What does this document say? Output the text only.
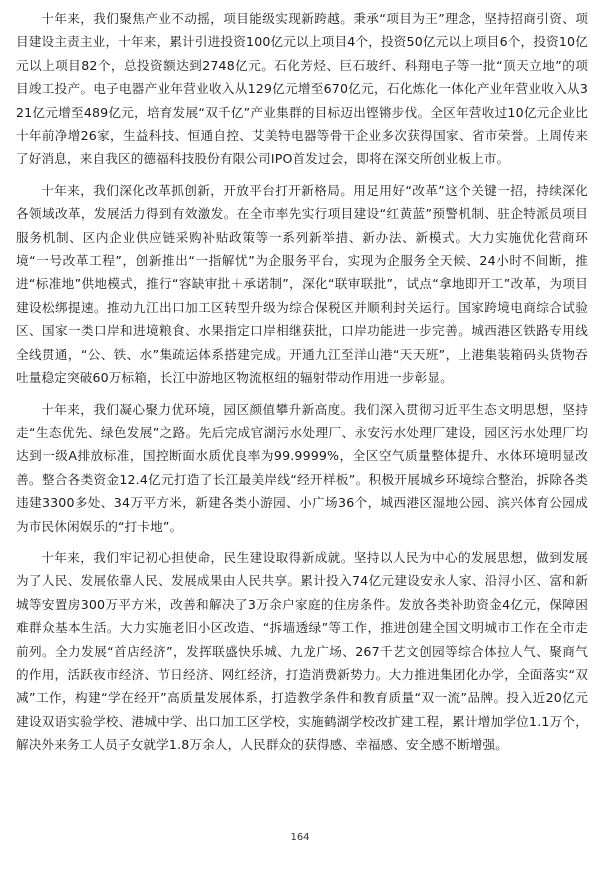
十年来，我们聚焦产业不动摇，项目能级实现新跨越。秉承“项目为王”理念，坚持招商引资、项目建设主责主业，十年来，累计引进投资100亿元以上项目4个，投资50亿元以上项目6个，投资10亿元以上项目82个，总投资额达到2748亿元。石化芳烃、巨石玻纤、科翔电子等一批“顶天立地”的项目竣工投产。电子电器产业年营业收入从129亿元增至670亿元，石化炼化一体化产业年营业收入从321亿元增至489亿元，培育发展“双千亿”产业集群的目标迈出铿锵步伐。全区年营收过10亿元企业比十年前净增26家，生益科技、恒通自控、艾美特电器等骨干企业多次获得国家、省市荣誉。上周传来了好消息，来自我区的德福科技股份有限公司IPO首发过会，即将在深交所创业板上市。

十年来，我们深化改革抓创新，开放平台打开新格局。用足用好“改革”这个关键一招，持续深化各领域改革，发展活力得到有效激发。在全市率先实行项目建设“红黄蓝”预警机制、驻企特派员项目服务机制、区内企业供应链采购补贴政策等一系列新举措、新办法、新模式。大力实施优化营商环境“一号改革工程”，创新推出“一指解忧”为企服务平台，实现为企服务全天候、24小时不间断，推进“标准地”供地模式，推行“容缺审批＋承诺制”，深化“联审联批”，试点“拿地即开工”改革，为项目建设松绑提速。推动九江出口加工区转型升级为综合保税区并顺利封关运行。国家跨境电商综合试验区、国家一类口岸和进境粮食、水果指定口岸相继获批，口岸功能进一步完善。城西港区铁路专用线全线贯通，“公、铁、水”集疏运体系搭建完成。开通九江至洋山港“天天班”，上港集装箱码头货物吞吐量稳定突破60万标箱，长江中游地区物流枢纽的辐射带动作用进一步彰显。

十年来，我们凝心聚力优环境，园区颜值攀升新高度。我们深入贯彻习近平生态文明思想，坚持走“生态优先、绿色发展”之路。先后完成官湖污水处理厂、永安污水处理厂建设，园区污水处理厂均达到一级A排放标准，国控断面水质优良率为99.9999%，全区空气质量整体提升、水体环境明显改善。整合各类资金12.4亿元打造了长江最美岸线“经开样板”。积极开展城乡环境综合整治，拆除各类违建3300多处、34万平方米，新建各类小游园、小广场36个，城西港区湿地公园、滨兴体育公园成为市民休闲娱乐的“打卡地”。

十年来，我们牢记初心担使命，民生建设取得新成就。坚持以人民为中心的发展思想，做到发展为了人民、发展依靠人民、发展成果由人民共享。累计投入74亿元建设安永人家、沿浔小区、富和新城等安置房300万平方米，改善和解决了3万余户家庭的住房条件。发放各类补助资金4亿元，保障困难群众基本生活。大力实施老旧小区改造、“拆墙透绿”等工作，推进创建全国文明城市工作在全市走前列。全力发展“首店经济”，发挥联盛快乐城、九龙广场、267千艺文创园等综合体拉人气、聚商气的作用，活跃夜市经济、节日经济、网红经济，打造消费新势力。大力推进集团化办学，全面落实“双减”工作，构建“学在经开”高质量发展体系，打造教学条件和教育质量“双一流”品牌。投入近20亿元建设双语实验学校、港城中学、出口加工区学校，实施鹤湖学校改扩建工程，累计增加学位1.1万个，解决外来务工人员子女就学1.8万余人，人民群众的获得感、幸福感、安全感不断增强。

164
